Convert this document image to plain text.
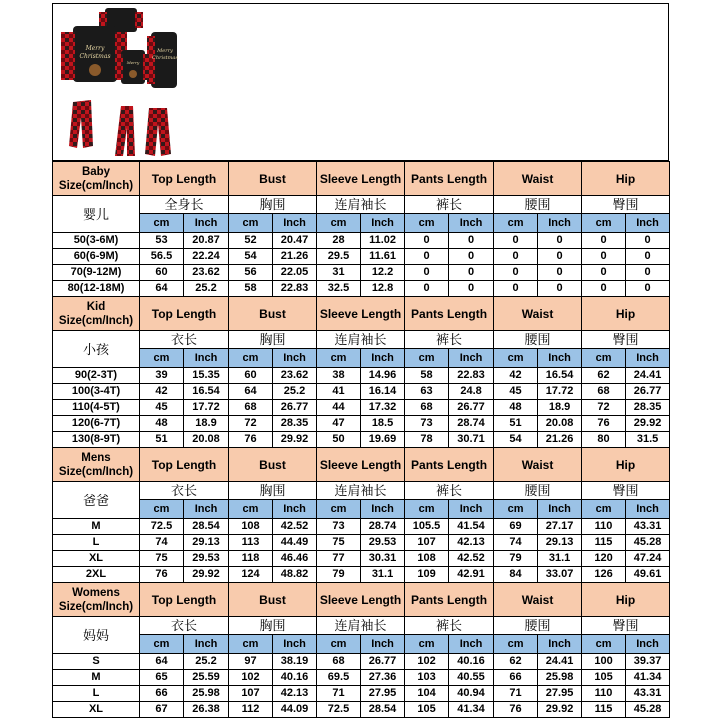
Merry
Christmas
Merry
Merry
Christmas
Baby Size(cm/Inch)	Top Length		Bust		Sleeve Length		Pants Length		Waist		Hip	
婴儿	全身长		胸围		连肩袖长		裤长		腰围		臀围	
	cm	Inch	cm	Inch	cm	Inch	cm	Inch	cm	Inch	cm	Inch
50(3-6M)	53	20.87	52	20.47	28	11.02	0	0	0	0	0	0
60(6-9M)	56.5	22.24	54	21.26	29.5	11.61	0	0	0	0	0	0
70(9-12M)	60	23.62	56	22.05	31	12.2	0	0	0	0	0	0
80(12-18M)	64	25.2	58	22.83	32.5	12.8	0	0	0	0	0	0
Kid Size(cm/Inch)	Top Length		Bust		Sleeve Length		Pants Length		Waist		Hip	
小孩	衣长		胸围		连肩袖长		裤长		腰围		臀围	
	cm	Inch	cm	Inch	cm	Inch	cm	Inch	cm	Inch	cm	Inch
90(2-3T)	39	15.35	60	23.62	38	14.96	58	22.83	42	16.54	62	24.41
100(3-4T)	42	16.54	64	25.2	41	16.14	63	24.8	45	17.72	68	26.77
110(4-5T)	45	17.72	68	26.77	44	17.32	68	26.77	48	18.9	72	28.35
120(6-7T)	48	18.9	72	28.35	47	18.5	73	28.74	51	20.08	76	29.92
130(8-9T)	51	20.08	76	29.92	50	19.69	78	30.71	54	21.26	80	31.5
Mens Size(cm/Inch)	Top Length		Bust		Sleeve Length		Pants Length		Waist		Hip	
爸爸	衣长		胸围		连肩袖长		裤长		腰围		臀围	
	cm	Inch	cm	Inch	cm	Inch	cm	Inch	cm	Inch	cm	Inch
M	72.5	28.54	108	42.52	73	28.74	105.5	41.54	69	27.17	110	43.31
L	74	29.13	113	44.49	75	29.53	107	42.13	74	29.13	115	45.28
XL	75	29.53	118	46.46	77	30.31	108	42.52	79	31.1	120	47.24
2XL	76	29.92	124	48.82	79	31.1	109	42.91	84	33.07	126	49.61
Womens Size(cm/Inch)	Top Length		Bust		Sleeve Length		Pants Length		Waist		Hip	
妈妈	衣长		胸围		连肩袖长		裤长		腰围		臀围	
	cm	Inch	cm	Inch	cm	Inch	cm	Inch	cm	Inch	cm	Inch
S	64	25.2	97	38.19	68	26.77	102	40.16	62	24.41	100	39.37
M	65	25.59	102	40.16	69.5	27.36	103	40.55	66	25.98	105	41.34
L	66	25.98	107	42.13	71	27.95	104	40.94	71	27.95	110	43.31
XL	67	26.38	112	44.09	72.5	28.54	105	41.34	76	29.92	115	45.28
